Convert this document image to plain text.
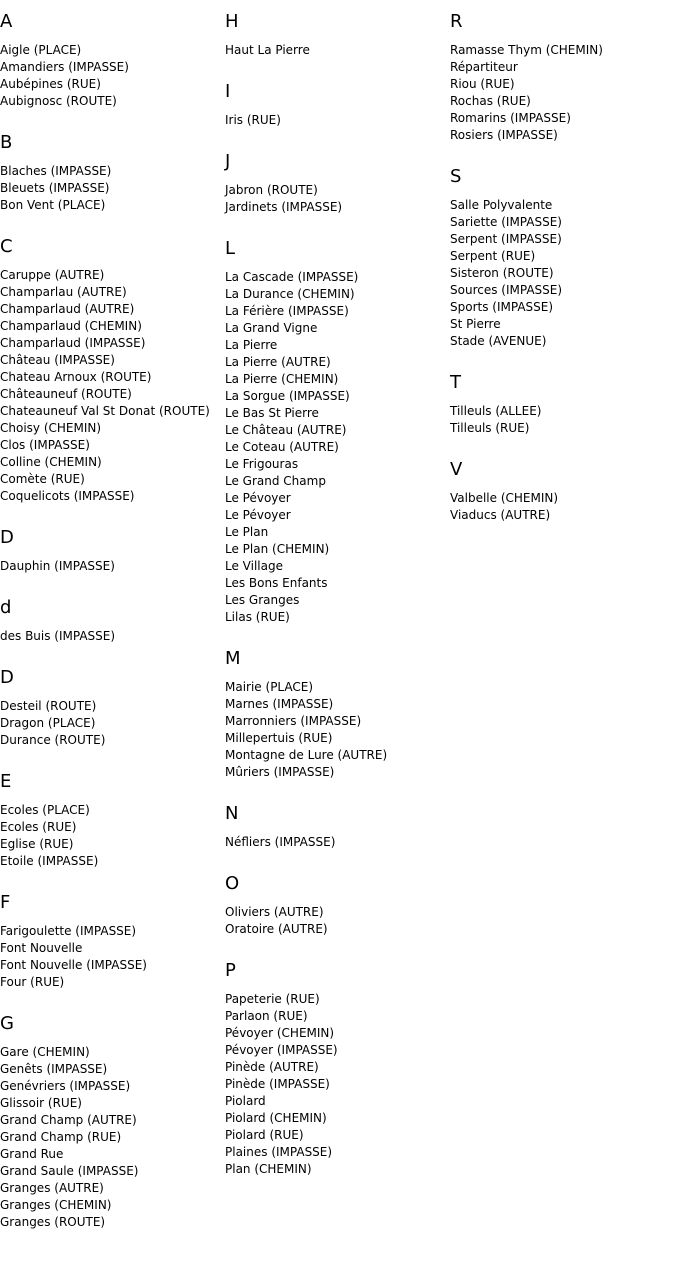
A
Aigle (PLACE)
Amandiers (IMPASSE)
Aubépines (RUE)
Aubignosc (ROUTE)
B
Blaches (IMPASSE)
Bleuets (IMPASSE)
Bon Vent (PLACE)
C
Caruppe (AUTRE)
Champarlau (AUTRE)
Champarlaud (AUTRE)
Champarlaud (CHEMIN)
Champarlaud (IMPASSE)
Château (IMPASSE)
Chateau Arnoux (ROUTE)
Châteauneuf (ROUTE)
Chateauneuf Val St Donat (ROUTE)
Choisy (CHEMIN)
Clos (IMPASSE)
Colline (CHEMIN)
Comète (RUE)
Coquelicots (IMPASSE)
D
Dauphin (IMPASSE)
d
des Buis (IMPASSE)
D
Desteil (ROUTE)
Dragon (PLACE)
Durance (ROUTE)
E
Ecoles (PLACE)
Ecoles (RUE)
Eglise (RUE)
Etoile (IMPASSE)
F
Farigoulette (IMPASSE)
Font Nouvelle
Font Nouvelle (IMPASSE)
Four (RUE)
G
Gare (CHEMIN)
Genêts (IMPASSE)
Genévriers (IMPASSE)
Glissoir (RUE)
Grand Champ (AUTRE)
Grand Champ (RUE)
Grand Rue
Grand Saule (IMPASSE)
Granges (AUTRE)
Granges (CHEMIN)
Granges (ROUTE)
H
Haut La Pierre
I
Iris (RUE)
J
Jabron (ROUTE)
Jardinets (IMPASSE)
L
La Cascade (IMPASSE)
La Durance (CHEMIN)
La Férière (IMPASSE)
La Grand Vigne
La Pierre
La Pierre (AUTRE)
La Pierre (CHEMIN)
La Sorgue (IMPASSE)
Le Bas St Pierre
Le Château (AUTRE)
Le Coteau (AUTRE)
Le Frigouras
Le Grand Champ
Le Pévoyer
Le Pévoyer
Le Plan
Le Plan (CHEMIN)
Le Village
Les Bons Enfants
Les Granges
Lilas (RUE)
M
Mairie (PLACE)
Marnes (IMPASSE)
Marronniers (IMPASSE)
Millepertuis (RUE)
Montagne de Lure (AUTRE)
Mûriers (IMPASSE)
N
Néfliers (IMPASSE)
O
Oliviers (AUTRE)
Oratoire (AUTRE)
P
Papeterie (RUE)
Parlaon (RUE)
Pévoyer (CHEMIN)
Pévoyer (IMPASSE)
Pinède (AUTRE)
Pinède (IMPASSE)
Piolard
Piolard (CHEMIN)
Piolard (RUE)
Plaines (IMPASSE)
Plan (CHEMIN)
R
Ramasse Thym (CHEMIN)
Répartiteur
Riou (RUE)
Rochas (RUE)
Romarins (IMPASSE)
Rosiers (IMPASSE)
S
Salle Polyvalente
Sariette (IMPASSE)
Serpent (IMPASSE)
Serpent (RUE)
Sisteron (ROUTE)
Sources (IMPASSE)
Sports (IMPASSE)
St Pierre
Stade (AVENUE)
T
Tilleuls (ALLEE)
Tilleuls (RUE)
V
Valbelle (CHEMIN)
Viaducs (AUTRE)
